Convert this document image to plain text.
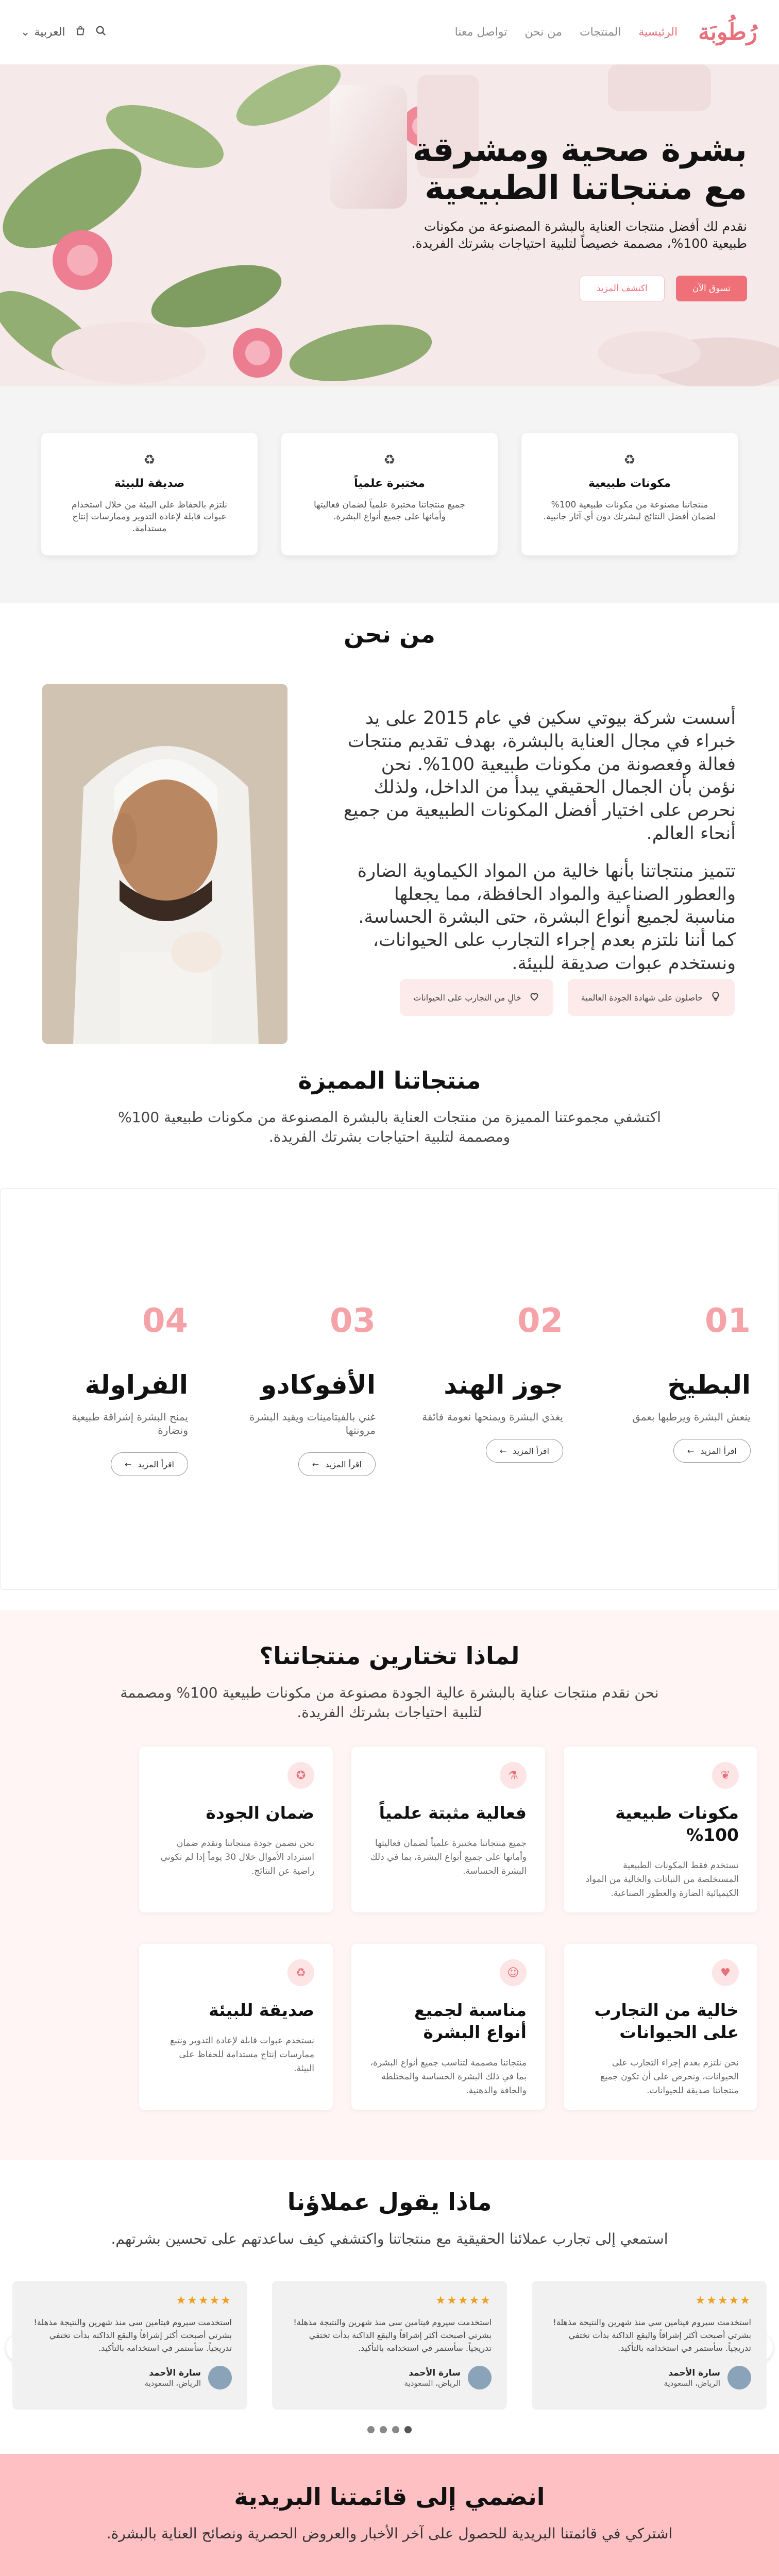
رُطُوبَة
الرئيسية
المنتجات
من نحن
تواصل معنا
العربية
⌄
بشرة صحية ومشرقة مع منتجاتنا الطبيعية

نقدم لك أفضل منتجات العناية بالبشرة المصنوعة من مكونات طبيعية 100%، مصممة خصيصاً لتلبية احتياجات بشرتك الفريدة.

تسوق الآن
اكتشف المزيد
♻
مكونات طبيعية

منتجاتنا مصنوعة من مكونات طبيعية 100% لضمان أفضل النتائج لبشرتك دون أي آثار جانبية.

♻
مختبرة علمياً

جميع منتجاتنا مختبرة علمياً لضمان فعاليتها وأمانها على جميع أنواع البشرة.

♻
صديقة للبيئة

نلتزم بالحفاظ على البيئة من خلال استخدام عبوات قابلة لإعادة التدوير وممارسات إنتاج مستدامة.

من نحن

أسست شركة بيوتي سكين في عام 2015 على يد خبراء في مجال العناية بالبشرة، بهدف تقديم منتجات فعالة وفعصونة من مكونات طبيعية 100%. نحن نؤمن بأن الجمال الحقيقي يبدأ من الداخل، ولذلك نحرص على اختيار أفضل المكونات الطبيعية من جميع أنحاء العالم.

تتميز منتجاتنا بأنها خالية من المواد الكيماوية الضارة والعطور الصناعية والمواد الحافظة، مما يجعلها مناسبة لجميع أنواع البشرة، حتى البشرة الحساسة. كما أننا نلتزم بعدم إجراء التجارب على الحيوانات، ونستخدم عبوات صديقة للبيئة.

حاصلون على شهادة الجودة العالمية
خالٍ من التجارب على الحيوانات
منتجاتنا المميزة

اكتشفي مجموعتنا المميزة من منتجات العناية بالبشرة المصنوعة من مكونات طبيعية 100% ومصممة لتلبية احتياجات بشرتك الفريدة.

01
البطيخ

ينعش البشرة ويرطبها بعمق

اقرأ المزيد
←
02
جوز الهند

يغذي البشرة ويمنحها نعومة فائقة

اقرأ المزيد
←
03
الأفوكادو

غني بالفيتامينات ويقيد البشرة مرونتها

اقرأ المزيد
←
04
الفراولة

يمنح البشرة إشراقة طبيعية ونضارة

اقرأ المزيد
←
لماذا تختارين منتجاتنا؟

نحن نقدم منتجات عناية بالبشرة عالية الجودة مصنوعة من مكونات طبيعية 100% ومصممة لتلبية احتياجات بشرتك الفريدة.

❦
مكونات طبيعية 100%

نستخدم فقط المكونات الطبيعية المستخلصة من النباتات والخالية من المواد الكيميائية الضارة والعطور الصناعية.

⚗
فعالية مثبتة علمياً

جميع منتجاتنا مختبرة علمياً لضمان فعاليتها وأمانها على جميع أنواع البشرة، بما في ذلك البشرة الحساسة.

✪
ضمان الجودة

نحن نضمن جودة منتجاتنا ونقدم ضمان استرداد الأموال خلال 30 يوماً إذا لم تكوني راضية عن النتائج.

♥
خالية من التجارب على الحيوانات

نحن نلتزم بعدم إجراء التجارب على الحيوانات، ونحرص على أن تكون جميع منتجاتنا صديقة للحيوانات.

☺
مناسبة لجميع أنواع البشرة

منتجاتنا مصممة لتناسب جميع أنواع البشرة، بما في ذلك البشرة الحساسة والمختلطة والجافة والدهنية.

♻
صديقة للبيئة

نستخدم عبوات قابلة لإعادة التدوير ونتبع ممارسات إنتاج مستدامة للحفاظ على البيئة.

ماذا يقول عملاؤنا

استمعي إلى تجارب عملائنا الحقيقية مع منتجاتنا واكتشفي كيف ساعدتهم على تحسين بشرتهم.

★★★★★

استخدمت سيروم فيتامين سي منذ شهرين والنتيجة مذهلة! بشرتي أصبحت أكثر إشراقاً والبقع الداكنة بدأت تختفي تدريجياً. سأستمر في استخدامه بالتأكيد.

سارة الأحمد
الرياض، السعودية
★★★★★

استخدمت سيروم فيتامين سي منذ شهرين والنتيجة مذهلة! بشرتي أصبحت أكثر إشراقاً والبقع الداكنة بدأت تختفي تدريجياً. سأستمر في استخدامه بالتأكيد.

سارة الأحمد
الرياض، السعودية
★★★★★

استخدمت سيروم فيتامين سي منذ شهرين والنتيجة مذهلة! بشرتي أصبحت أكثر إشراقاً والبقع الداكنة بدأت تختفي تدريجياً. سأستمر في استخدامه بالتأكيد.

سارة الأحمد
الرياض، السعودية
انضمي إلى قائمتنا البريدية

اشتركي في قائمتنا البريدية للحصول على آخر الأخبار والعروض الحصرية ونصائح العناية بالبشرة.
